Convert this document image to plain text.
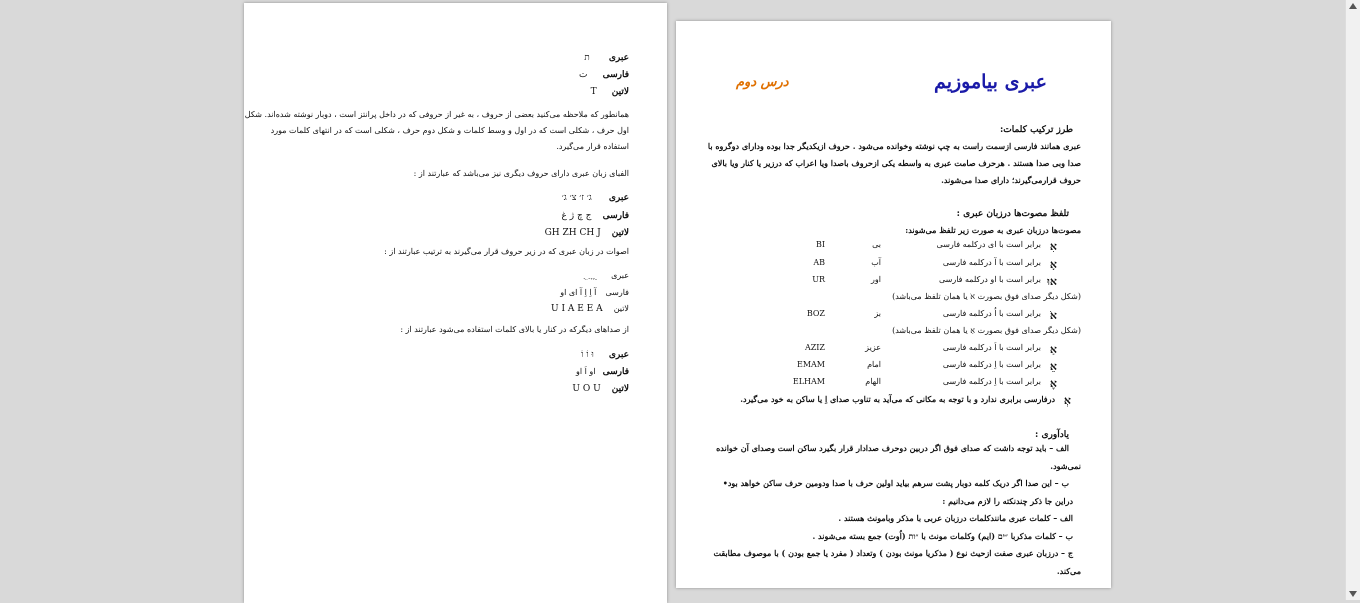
عبری ת
فارسی ت
لاتین T
همانطور که ملاحظه می‌کنید بعضی از حروف ، به غیر از حروفی که در داخل پرانتز است ، دوبار نوشته شده‌اند. شکل
اول حرف ، شکلی است که در اول و وسط کلمات و شکل دوم حرف ، شکلی است که در انتهای کلمات مورد
استفاده قرار می‌گیرد.
الفبای زبان عبری دارای حروف دیگری نیز می‌باشد که عبارتند از :
عبری ג׳ ז׳ צ׳ ג׳
فارسی ج چ ژ غ
لاتین GH ZH CH J
اصوات در زبان عبری که در زیر حروف قرار می‌گیرند به ترتیب عبارتند از :
عبری ֵ ֶ ָ ַ ִ ֻ
فارسی آ اِ اِ آ ای او
لاتین U I A E E A
از صداهای دیگرکه در کنار یا بالای کلمات استفاده می‌شود عبارتند از :
عبری וּ וֹ וֹ
فارسی او اَ او
لاتین U O U
عبری بیاموزیم
درس دوم
طرز ترکیب کلمات:
عبری همانند فارسی ازسمت راست به چپ نوشته وخوانده می‌شود . حروف ازیکدیگر جدا بوده ودارای دوگروه با
صدا وبی صدا هستند . هرحرف صامت عبری به واسطه یکی ازحروف باصدا ویا اعراب که درزیر یا کنار ویا بالای
حروف قرارمی‌گیرند؛ دارای صدا می‌شوند.
تلفظ مصوت‌ها درزبان عبری :
مصوت‌ها درزبان عبری به صورت زیر تلفظ می‌شوند:
یادآوری :
الف – باید توجه داشت که صدای فوق اگر دربین دوحرف صدادار قرار بگیرد ساکن است وصدای آن خوانده
نمی‌شود.
ب – این صدا اگر دریک کلمه دوبار پشت سرهم بیاید اولین حرف با صدا ودومین حرف ساکن خواهد بود•
دراین جا ذکر چندنکته را لازم می‌دانیم :
الف – کلمات عبری مانندکلمات درزبان عربی با مذکر وبامونث هستند .
ب – کلمات مذکربا ״ים (ایم) وکلمات مونث با ״ות (اُوت) جمع بسته می‌شوند .
ج – درزبان عبری صفت ازحیث نوع ( مذکریا مونث بودن ) وتعداد ( مفرد یا جمع بودن ) با موصوف مطابقت
می‌کند.
אִ
برابر است با ای درکلمه فارسی
بی
BI
אָ
برابر است با آ درکلمه فارسی
آب
AB
אוּ
برابر است با او درکلمه فارسی
اور
UR
(شکل دیگر صدای فوق بصورت אֹ یا همان تلفظ می‌باشد)
אֹ
برابر است با اُ درکلمه فارسی
بز
BOZ
(شکل دیگر صدای فوق بصورت אַ یا همان تلفظ می‌باشد)
אַ
برابر است با اَ درکلمه فارسی
عزیز
AZIZ
אֵ
برابر است با اِ درکلمه فارسی
امام
EMAM
אֶ
برابر است با اِ درکلمه فارسی
الهام
ELHAM
אְ
درفارسی برابری ندارد و با توجه به مکانی که می‌آید به تناوب صدای اِ یا ساکن به خود می‌گیرد.
